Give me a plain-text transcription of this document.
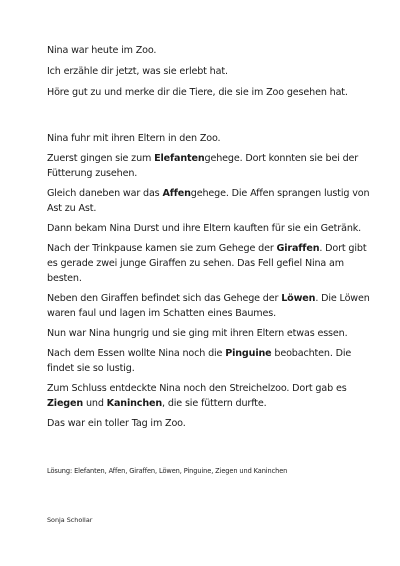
Nina war heute im Zoo.

Ich erzähle dir jetzt, was sie erlebt hat.

Höre gut zu und merke dir die Tiere, die sie im Zoo gesehen hat.

Nina fuhr mit ihren Eltern in den Zoo.

Zuerst gingen sie zum Elefantengehege. Dort konnten sie bei der Fütterung zusehen.

Gleich daneben war das Affengehege. Die Affen sprangen lustig von Ast zu Ast.

Dann bekam Nina Durst und ihre Eltern kauften für sie ein Getränk.

Nach der Trinkpause kamen sie zum Gehege der Giraffen. Dort gibt es gerade zwei junge Giraffen zu sehen. Das Fell gefiel Nina am besten.

Neben den Giraffen befindet sich das Gehege der Löwen. Die Löwen waren faul und lagen im Schatten eines Baumes.

Nun war Nina hungrig und sie ging mit ihren Eltern etwas essen.

Nach dem Essen wollte Nina noch die Pinguine beobachten. Die findet sie so lustig.

Zum Schluss entdeckte Nina noch den Streichelzoo. Dort gab es Ziegen und Kaninchen, die sie füttern durfte.

Das war ein toller Tag im Zoo.

Lösung: Elefanten, Affen, Giraffen, Löwen, Pinguine, Ziegen und Kaninchen
Sonja Schollar
